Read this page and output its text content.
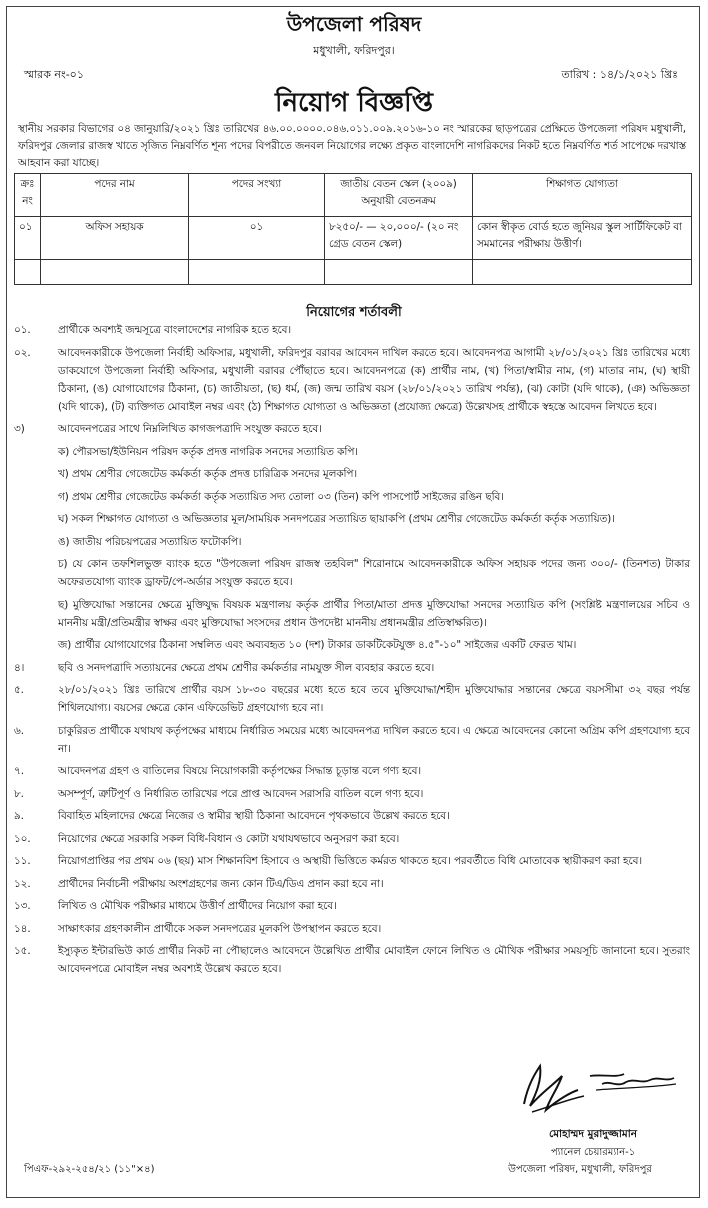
উপজেলা পরিষদ
মধুখালী, ফরিদপুর।
স্মারক নং-০১	তারিখ : ১৪/১/২০২১ খ্রিঃ
নিয়োগ বিজ্ঞপ্তি
স্থানীয় সরকার বিভাগের ০৪ জানুয়ারি/২০২১ খ্রিঃ তারিখের ৪৬.০০.০০০০.০৪৬.০১১.০০৯.২০১৬-১০ নং স্মারকের ছাড়পত্রের প্রেক্ষিতে উপজেলা পরিষদ মধুখালী, ফরিদপুর জেলার রাজস্ব খাতে সৃজিত নিম্নবর্ণিত শূন্য পদের বিপরীতে জনবল নিয়োগের লক্ষ্যে প্রকৃত বাংলাদেশি নাগরিকদের নিকট হতে নিম্নবর্ণিত শর্ত সাপেক্ষে দরখাস্ত আহবান করা যাচ্ছে।
ক্রঃ নং	পদের নাম	পদের সংখ্যা	জাতীয় বেতন স্কেল (২০০৯) অনুযায়ী বেতনক্রম	শিক্ষাগত যোগ্যতা
০১	অফিস সহায়ক	০১	৮২৫০/- — ২০,০০০/- (২০ নং গ্রেড বেতন স্কেল)	কোন স্বীকৃত বোর্ড হতে জুনিয়র স্কুল সার্টিফিকেট বা সমমানের পরীক্ষায় উত্তীর্ণ।

নিয়োগের শর্তাবলী
০১.	প্রার্থীকে অবশ্যই জন্মসূত্রে বাংলাদেশের নাগরিক হতে হবে।
০২.	আবেদনকারীকে উপজেলা নির্বাহী অফিসার, মধুখালী, ফরিদপুর বরাবর আবেদন দাখিল করতে হবে। আবেদনপত্র আগামী ২৮/০১/২০২১ খ্রিঃ তারিখের মধ্যে ডাকযোগে উপজেলা নির্বাহী অফিসার, মধুখালী বরাবর পৌঁছাতে হবে। আবেদনপত্রে (ক) প্রার্থীর নাম, (খ) পিতা/স্বামীর নাম, (গ) মাতার নাম, (ঘ) স্থায়ী ঠিকানা, (ঙ) যোগাযোগের ঠিকানা, (চ) জাতীয়তা, (ছ) ধর্ম, (জ) জন্ম তারিখ বয়স (২৮/০১/২০২১ তারিখ পর্যন্ত), (ঝ) কোটা (যদি থাকে), (ঞ) অভিজ্ঞতা (যদি থাকে), (ট) ব্যক্তিগত মোবাইল নম্বর এবং (ঠ) শিক্ষাগত যোগ্যতা ও অভিজ্ঞতা (প্রযোজ্য ক্ষেত্রে) উল্লেখসহ প্রার্থীকে স্বহস্তে আবেদন লিখতে হবে।
৩)	আবেদনপত্রের সাথে নিম্নলিখিত কাগজপত্রাদি সংযুক্ত করতে হবে।
ক) পৌরসভা/ইউনিয়ন পরিষদ কর্তৃক প্রদত্ত নাগরিক সনদের সত্যায়িত কপি।
খ) প্রথম শ্রেণীর গেজেটেড কর্মকর্তা কর্তৃক প্রদত্ত চারিত্রিক সনদের মূলকপি।
গ) প্রথম শ্রেণীর গেজেটেড কর্মকর্তা কর্তৃক সত্যায়িত সদ্য তোলা ০৩ (তিন) কপি পাসপোর্ট সাইজের রঙিন ছবি।
ঘ) সকল শিক্ষাগত যোগ্যতা ও অভিজ্ঞতার মূল/সাময়িক সনদপত্রের সত্যায়িত ছায়াকপি (প্রথম শ্রেণীর গেজেটেড কর্মকর্তা কর্তৃক সত্যায়িত)।
ঙ) জাতীয় পরিচয়পত্রের সত্যায়িত ফটোকপি।
চ) যে কোন তফশিলভুক্ত ব্যাংক হতে "উপজেলা পরিষদ রাজস্ব তহবিল" শিরোনামে আবেদনকারীকে অফিস সহায়ক পদের জন্য ৩০০/- (তিনশত) টাকার অফেরতযোগ্য ব্যাংক ড্রাফট/পে-অর্ডার সংযুক্ত করতে হবে।
ছ) মুক্তিযোদ্ধা সন্তানের ক্ষেত্রে মুক্তিযুদ্ধ বিষয়ক মন্ত্রণালয় কর্তৃক প্রার্থীর পিতা/মাতা প্রদত্ত মুক্তিযোদ্ধা সনদের সত্যায়িত কপি (সংশ্লিষ্ট মন্ত্রণালয়ের সচিব ও মাননীয় মন্ত্রী/প্রতিমন্ত্রীর স্বাক্ষর এবং মুক্তিযোদ্ধা সংসদের প্রধান উপদেষ্টা মাননীয় প্রধানমন্ত্রীর প্রতিস্বাক্ষরিত)।
জ) প্রার্থীর যোগাযোগের ঠিকানা সম্বলিত এবং অব্যবহৃত ১০ (দশ) টাকার ডাকটিকেটযুক্ত ৪.৫"-১০" সাইজের একটি ফেরত খাম।
৪।	ছবি ও সনদপত্রাদি সত্যায়নের ক্ষেত্রে প্রথম শ্রেণীর কর্মকর্তার নামযুক্ত সীল ব্যবহার করতে হবে।
৫.	২৮/০১/২০২১ খ্রিঃ তারিখে প্রার্থীর বয়স ১৮-৩০ বছরের মধ্যে হতে হবে তবে মুক্তিযোদ্ধা/শহীদ মুক্তিযোদ্ধার সন্তানের ক্ষেত্রে বয়সসীমা ৩২ বছর পর্যন্ত শিথিলযোগ্য। বয়সের ক্ষেত্রে কোন এফিডেভিট গ্রহণযোগ্য হবে না।
৬.	চাকুরিরত প্রার্থীকে যথাযথ কর্তৃপক্ষের মাধ্যমে নির্ধারিত সময়ের মধ্যে আবেদনপত্র দাখিল করতে হবে। এ ক্ষেত্রে আবেদনের কোনো অগ্রিম কপি গ্রহণযোগ্য হবে না।
৭.	আবেদনপত্র গ্রহণ ও বাতিলের বিষয়ে নিয়োগকারী কর্তৃপক্ষের সিদ্ধান্ত চূড়ান্ত বলে গণ্য হবে।
৮.	অসম্পূর্ণ, ত্রুটিপূর্ণ ও নির্ধারিত তারিখের পরে প্রাপ্ত আবেদন সরাসরি বাতিল বলে গণ্য হবে।
৯.	বিবাহিত মহিলাদের ক্ষেত্রে নিজের ও স্বামীর স্থায়ী ঠিকানা আবেদনে পৃথকভাবে উল্লেখ করতে হবে।
১০.	নিয়োগের ক্ষেত্রে সরকারি সকল বিধি-বিধান ও কোটা যথাযথভাবে অনুসরণ করা হবে।
১১.	নিয়োগপ্রাপ্তির পর প্রথম ০৬ (ছয়) মাস শিক্ষানবিশ হিসাবে ও অস্থায়ী ভিত্তিতে কর্মরত থাকতে হবে। পরবর্তীতে বিধি মোতাবেক স্থায়ীকরণ করা হবে।
১২.	প্রার্থীদের নির্বাচনী পরীক্ষায় অংশগ্রহণের জন্য কোন টিএ/ডিএ প্রদান করা হবে না।
১৩.	লিখিত ও মৌখিক পরীক্ষার মাধ্যমে উত্তীর্ণ প্রার্থীদের নিয়োগ করা হবে।
১৪.	সাক্ষাৎকার গ্রহণকালীন প্রার্থীকে সকল সনদপত্রের মূলকপি উপস্থাপন করতে হবে।
১৫.	ইস্যুকৃত ইন্টারভিউ কার্ড প্রার্থীর নিকট না পৌছালেও আবেদনে উল্লেখিত প্রার্থীর মোবাইল ফোনে লিখিত ও মৌখিক পরীক্ষার সময়সূচি জানানো হবে। সুতরাং আবেদনপত্রে মোবাইল নম্বর অবশ্যই উল্লেখ করতে হবে।
মোহাম্মদ মুরাদুজ্জামান
প্যানেল চেয়ারম্যান-১
উপজেলা পরিষদ, মধুখালী, ফরিদপুর
পিএফ-২৯২-২৫৪/২১ (১১"×৪)
